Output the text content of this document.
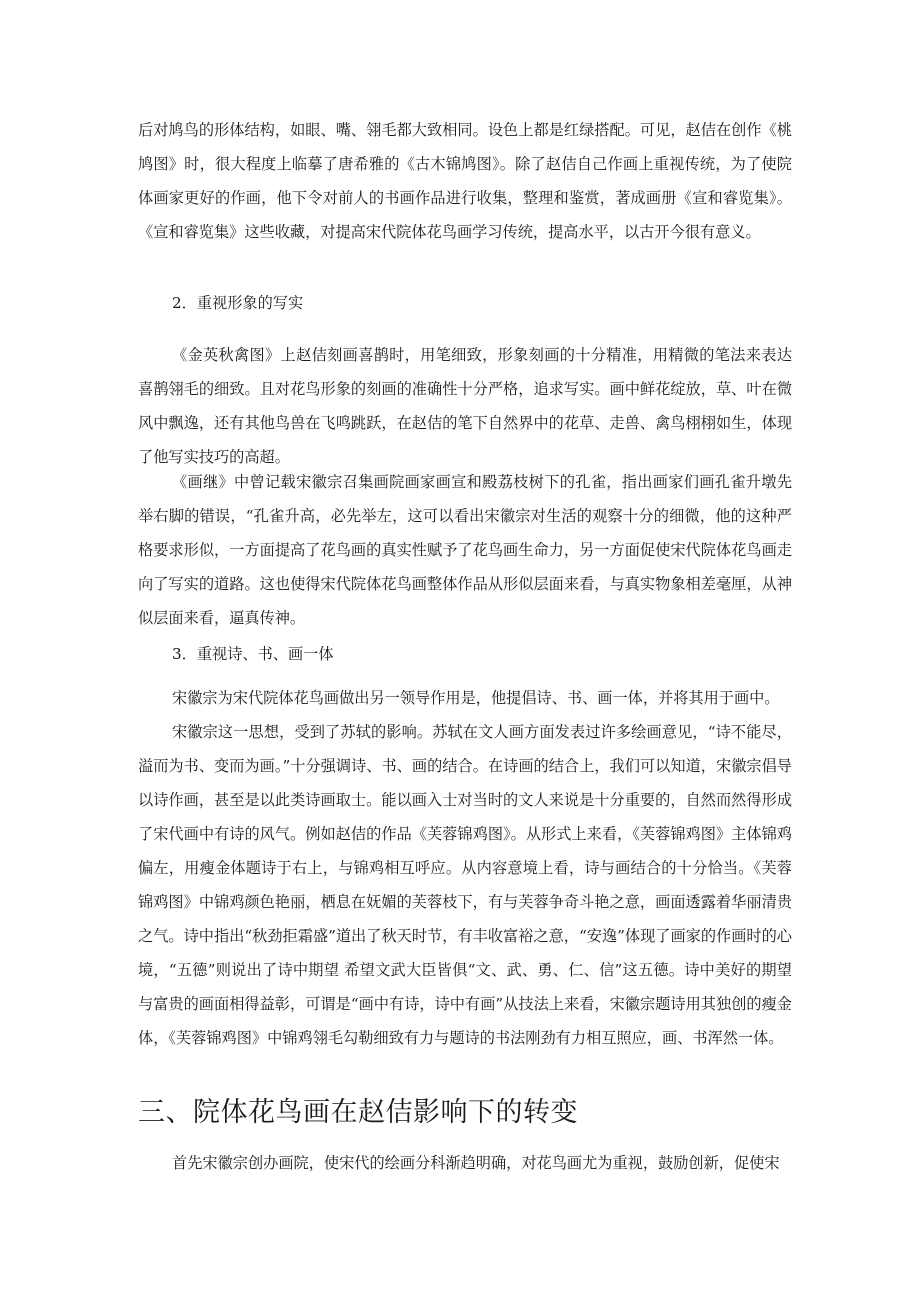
后对鸠鸟的形体结构，如眼、嘴、翎毛都大致相同。设色上都是红绿搭配。可见，赵佶在创作《桃鸠图》时，很大程度上临摹了唐希雅的《古木锦鸠图》。除了赵佶自己作画上重视传统，为了使院体画家更好的作画，他下令对前人的书画作品进行收集，整理和鉴赏，著成画册《宣和睿览集》。《宣和睿览集》这些收藏，对提高宋代院体花鸟画学习传统，提高水平，以古开今很有意义。

2．重视形象的写实

《金英秋禽图》上赵佶刻画喜鹊时，用笔细致，形象刻画的十分精准，用精微的笔法来表达喜鹊翎毛的细致。且对花鸟形象的刻画的准确性十分严格，追求写实。画中鲜花绽放，草、叶在微风中飘逸，还有其他鸟兽在飞鸣跳跃，在赵佶的笔下自然界中的花草、走兽、禽鸟栩栩如生，体现了他写实技巧的高超。

《画继》中曾记载宋徽宗召集画院画家画宣和殿荔枝树下的孔雀，指出画家们画孔雀升墩先举右脚的错误，“孔雀升高，必先举左，这可以看出宋徽宗对生活的观察十分的细微，他的这种严格要求形似，一方面提高了花鸟画的真实性赋予了花鸟画生命力，另一方面促使宋代院体花鸟画走向了写实的道路。这也使得宋代院体花鸟画整体作品从形似层面来看，与真实物象相差毫厘，从神似层面来看，逼真传神。

3．重视诗、书、画一体

宋徽宗为宋代院体花鸟画做出另一领导作用是，他提倡诗、书、画一体，并将其用于画中。

宋徽宗这一思想，受到了苏轼的影响。苏轼在文人画方面发表过许多绘画意见，“诗不能尽，溢而为书、变而为画。”十分强调诗、书、画的结合。在诗画的结合上，我们可以知道，宋徽宗倡导以诗作画，甚至是以此类诗画取士。能以画入士对当时的文人来说是十分重要的，自然而然得形成了宋代画中有诗的风气。例如赵佶的作品《芙蓉锦鸡图》。从形式上来看，《芙蓉锦鸡图》主体锦鸡偏左，用瘦金体题诗于右上，与锦鸡相互呼应。从内容意境上看，诗与画结合的十分恰当。《芙蓉锦鸡图》中锦鸡颜色艳丽，栖息在妩媚的芙蓉枝下，有与芙蓉争奇斗艳之意，画面透露着华丽清贵之气。诗中指出“秋劲拒霜盛”道出了秋天时节，有丰收富裕之意，“安逸”体现了画家的作画时的心境，“五德”则说出了诗中期望 希望文武大臣皆俱“文、武、勇、仁、信”这五德。诗中美好的期望与富贵的画面相得益彰，可谓是“画中有诗，诗中有画”从技法上来看，宋徽宗题诗用其独创的瘦金体，《芙蓉锦鸡图》中锦鸡翎毛勾勒细致有力与题诗的书法刚劲有力相互照应，画、书浑然一体。

三、院体花鸟画在赵佶影响下的转变

首先宋徽宗创办画院，使宋代的绘画分科渐趋明确，对花鸟画尤为重视，鼓励创新，促使宋
